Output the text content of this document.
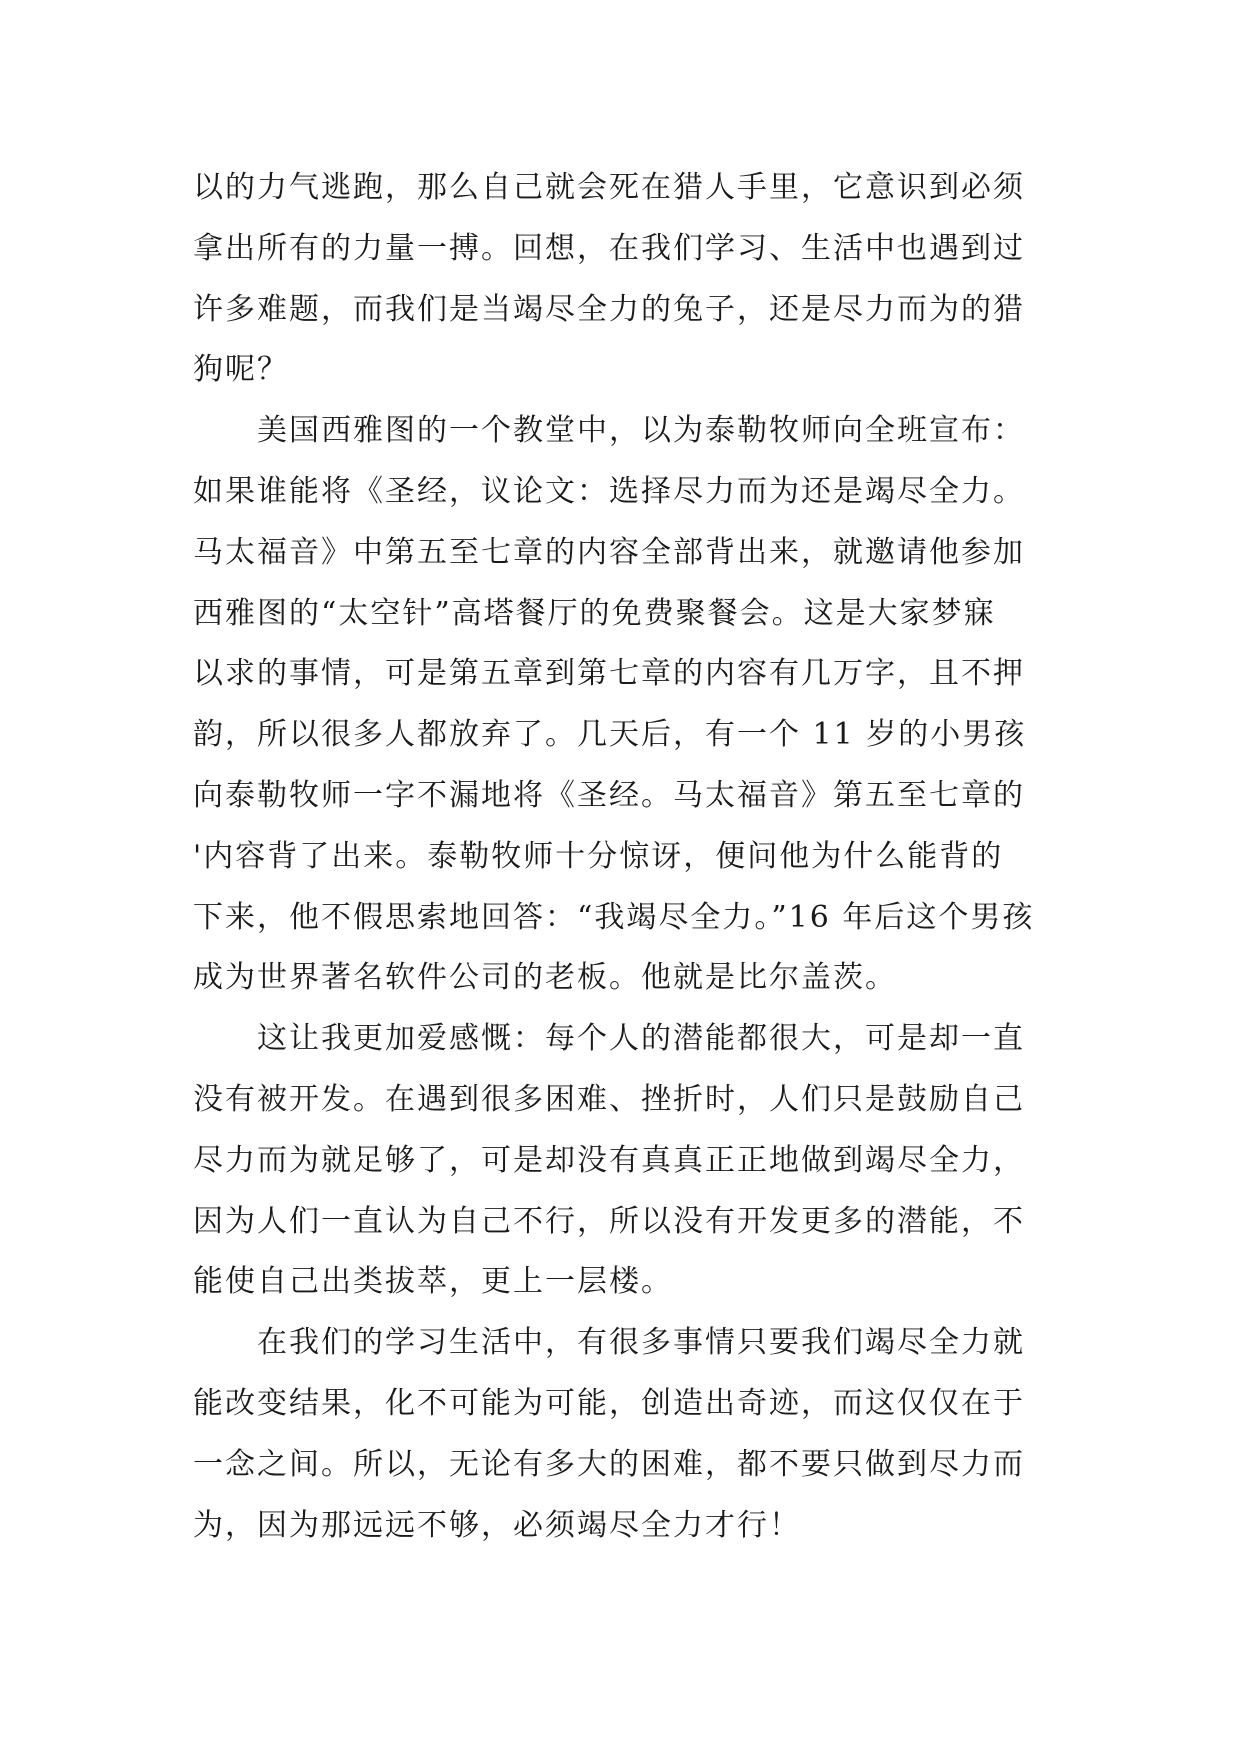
以的力气逃跑，那么自己就会死在猎人手里，它意识到必须
拿出所有的力量一搏。回想，在我们学习、生活中也遇到过
许多难题，而我们是当竭尽全力的兔子，还是尽力而为的猎
狗呢？
美国西雅图的一个教堂中，以为泰勒牧师向全班宣布：
如果谁能将《圣经，议论文：选择尽力而为还是竭尽全力。
马太福音》中第五至七章的内容全部背出来，就邀请他参加
西雅图的“太空针”高塔餐厅的免费聚餐会。这是大家梦寐
以求的事情，可是第五章到第七章的内容有几万字，且不押
韵，所以很多人都放弃了。几天后，有一个 11 岁的小男孩
向泰勒牧师一字不漏地将《圣经。马太福音》第五至七章的
'内容背了出来。泰勒牧师十分惊讶，便问他为什么能背的
下来，他不假思索地回答：“我竭尽全力。”16 年后这个男孩
成为世界著名软件公司的老板。他就是比尔盖茨。
这让我更加爱感慨：每个人的潜能都很大，可是却一直
没有被开发。在遇到很多困难、挫折时，人们只是鼓励自己
尽力而为就足够了，可是却没有真真正正地做到竭尽全力，
因为人们一直认为自己不行，所以没有开发更多的潜能，不
能使自己出类拔萃，更上一层楼。
在我们的学习生活中，有很多事情只要我们竭尽全力就
能改变结果，化不可能为可能，创造出奇迹，而这仅仅在于
一念之间。所以，无论有多大的困难，都不要只做到尽力而
为，因为那远远不够，必须竭尽全力才行！
